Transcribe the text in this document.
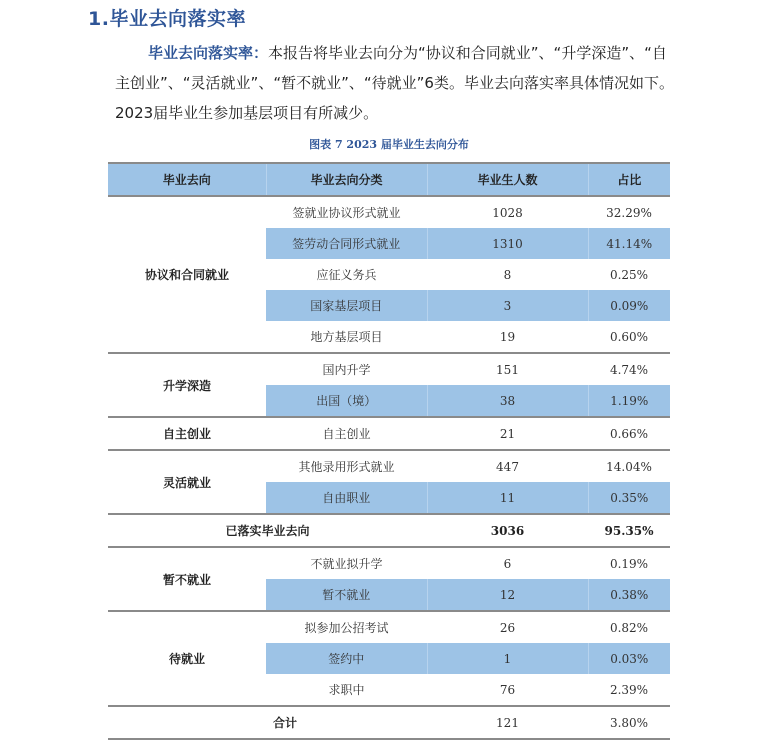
1.毕业去向落实率
毕业去向落实率：本报告将毕业去向分为“协议和合同就业”、“升学深造”、“自主创业”、“灵活就业”、“暂不就业”、“待就业”6类。毕业去向落实率具体情况如下。2023届毕业生参加基层项目有所减少。
图表 7 2023 届毕业生去向分布
毕业去向	毕业去向分类	毕业生人数	占比
协议和合同就业	签就业协议形式就业	1028	32.29%
	签劳动合同形式就业	1310	41.14%
	应征义务兵	8	0.25%
	国家基层项目	3	0.09%
	地方基层项目	19	0.60%
升学深造	国内升学	151	4.74%
	出国（境）	38	1.19%
自主创业	自主创业	21	0.66%
灵活就业	其他录用形式就业	447	14.04%
	自由职业	11	0.35%
已落实毕业去向		3036	95.35%
暂不就业	不就业拟升学	6	0.19%
	暂不就业	12	0.38%
待就业	拟参加公招考试	26	0.82%
	签约中	1	0.03%
	求职中	76	2.39%
合计		121	3.80%
